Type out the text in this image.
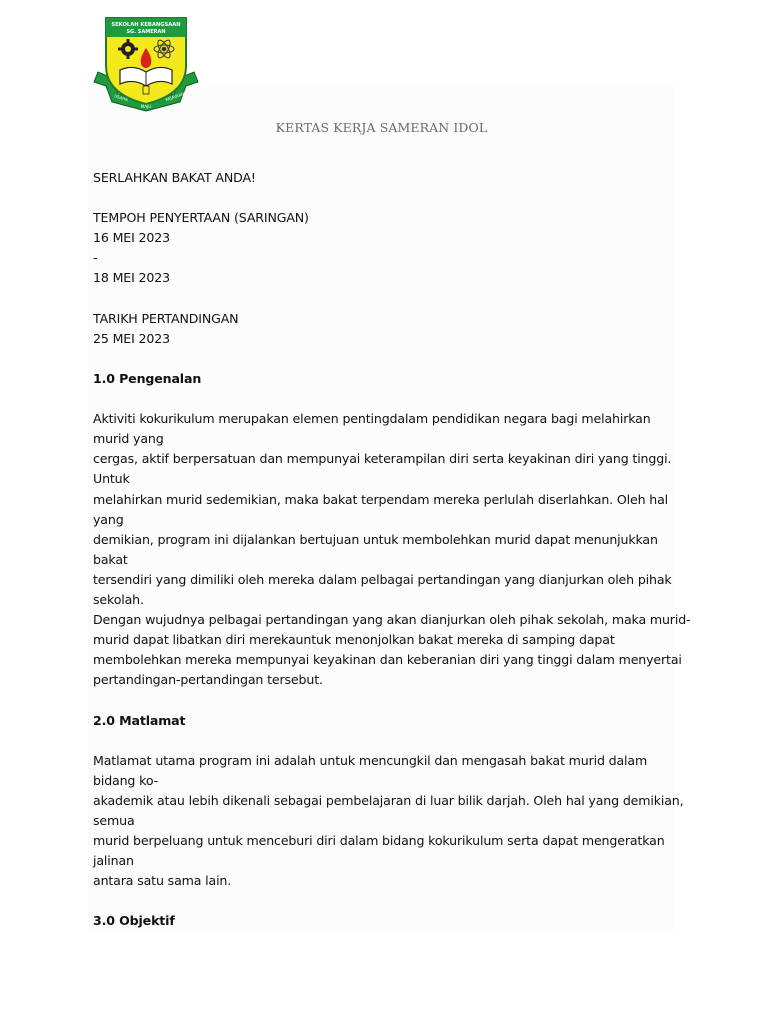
SEKOLAH KEBANGSAAN
SG. SAMERAN
USAHA
MAJU
KEJAYAAN
KERTAS KERJA SAMERAN IDOL

SERLAHKAN BAKAT ANDA!

TEMPOH PENYERTAAN (SARINGAN)

16 MEI 2023

-

18 MEI 2023

TARIKH PERTANDINGAN

25 MEI 2023

1.0 Pengenalan

Aktiviti kokurikulum merupakan elemen pentingdalam pendidikan negara bagi melahirkan

murid yang

cergas, aktif berpersatuan dan mempunyai keterampilan diri serta keyakinan diri yang tinggi.

Untuk

melahirkan murid sedemikian, maka bakat terpendam mereka perlulah diserlahkan. Oleh hal

yang

demikian, program ini dijalankan bertujuan untuk membolehkan murid dapat menunjukkan

bakat

tersendiri yang dimiliki oleh mereka dalam pelbagai pertandingan yang dianjurkan oleh pihak

sekolah.

Dengan wujudnya pelbagai pertandingan yang akan dianjurkan oleh pihak sekolah, maka murid-

murid dapat libatkan diri merekauntuk menonjolkan bakat mereka di samping dapat

membolehkan mereka mempunyai keyakinan dan keberanian diri yang tinggi dalam menyertai

pertandingan-pertandingan tersebut.

2.0 Matlamat

Matlamat utama program ini adalah untuk mencungkil dan mengasah bakat murid dalam

bidang ko-

akademik atau lebih dikenali sebagai pembelajaran di luar bilik darjah. Oleh hal yang demikian,

semua

murid berpeluang untuk menceburi diri dalam bidang kokurikulum serta dapat mengeratkan

jalinan

antara satu sama lain.

3.0 Objektif
